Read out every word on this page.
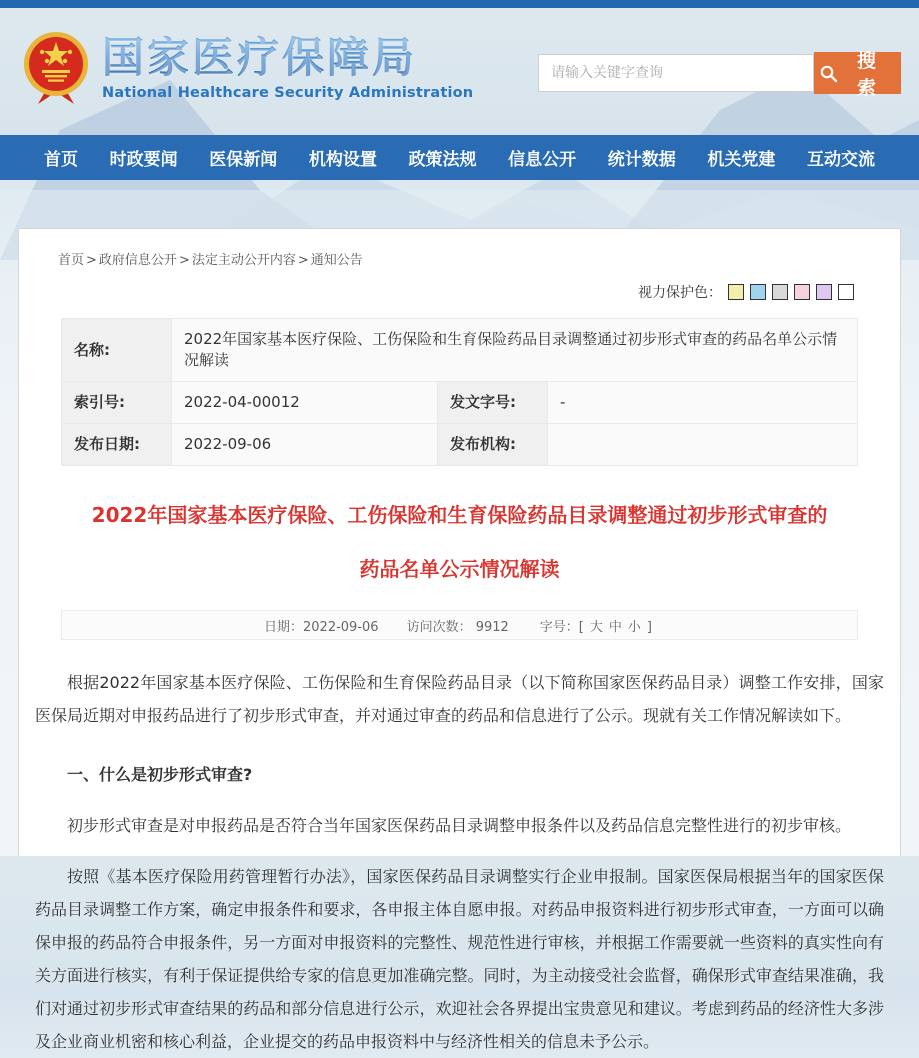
国家医疗保障局
National Healthcare Security Administration
请输入关键字查询
搜 索
首页 时政要闻 医保新闻 机构设置 政策法规 信息公开 统计数据 机关党建 互动交流
首页 > 政府信息公开 > 法定主动公开内容 > 通知公告
视力保护色：
名称:	2022年国家基本医疗保险、工伤保险和生育保险药品目录调整通过初步形式审查的药品名单公示情况解读		
索引号:	2022-04-00012	发文字号:	-
发布日期:	2022-09-06	发布机构:	
2022年国家基本医疗保险、工伤保险和生育保险药品目录调整通过初步形式审查的
药品名单公示情况解读
日期：2022-09-06 访问次数： 9912 字号：[ 大 中 小 ]

根据2022年国家基本医疗保险、工伤保险和生育保险药品目录（以下简称国家医保药品目录）调整工作安排，国家医保局近期对申报药品进行了初步形式审查，并对通过审查的药品和信息进行了公示。现就有关工作情况解读如下。

一、什么是初步形式审查?

初步形式审查是对申报药品是否符合当年国家医保药品目录调整申报条件以及药品信息完整性进行的初步审核。

按照《基本医疗保险用药管理暂行办法》，国家医保药品目录调整实行企业申报制。国家医保局根据当年的国家医保药品目录调整工作方案，确定申报条件和要求，各申报主体自愿申报。对药品申报资料进行初步形式审查，一方面可以确保申报的药品符合申报条件，另一方面对申报资料的完整性、规范性进行审核，并根据工作需要就一些资料的真实性向有关方面进行核实，有利于保证提供给专家的信息更加准确完整。同时，为主动接受社会监督，确保形式审查结果准确，我们对通过初步形式审查结果的药品和部分信息进行公示，欢迎社会各界提出宝贵意见和建议。考虑到药品的经济性大多涉及企业商业机密和核心利益，企业提交的药品申报资料中与经济性相关的信息未予公示。
